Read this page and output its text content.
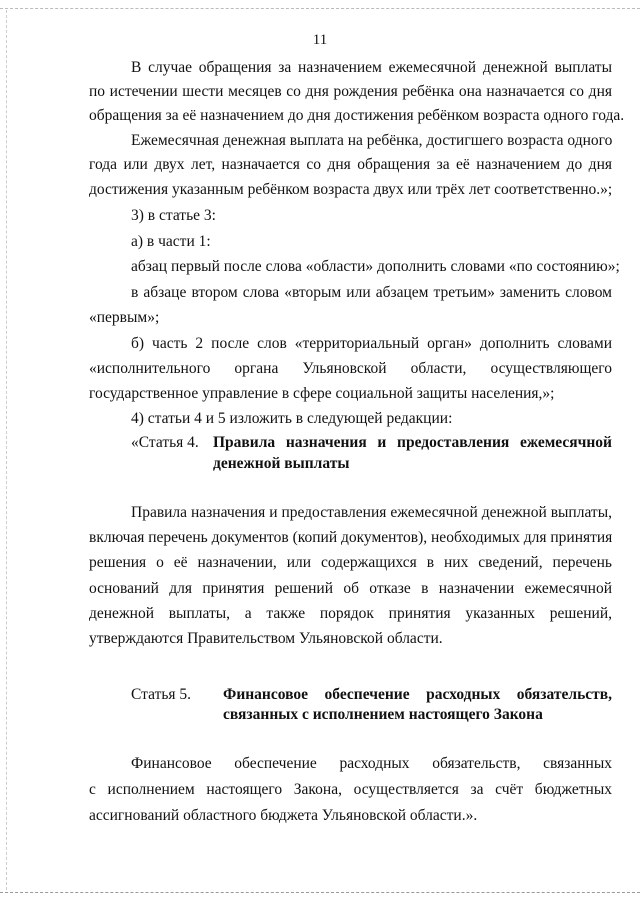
11
В случае обращения за назначением ежемесячной денежной выплаты
по истечении шести месяцев со дня рождения ребёнка она назначается со дня
обращения за её назначением до дня достижения ребёнком возраста одного года.
Ежемесячная денежная выплата на ребёнка, достигшего возраста одного
года или двух лет, назначается со дня обращения за её назначением до дня
достижения указанным ребёнком возраста двух или трёх лет соответственно.»;
3) в статье 3:
а) в части 1:
абзац первый после слова «области» дополнить словами «по состоянию»;
в абзаце втором слова «вторым или абзацем третьим» заменить словом
«первым»;
б) часть 2 после слов «территориальный орган» дополнить словами
«исполнительного органа Ульяновской области, осуществляющего
государственное управление в сфере социальной защиты населения,»;
4) статьи 4 и 5 изложить в следующей редакции:
«Статья 4. Правила назначения и предоставления ежемесячной
денежной выплаты
Правила назначения и предоставления ежемесячной денежной выплаты,
включая перечень документов (копий документов), необходимых для принятия
решения о её назначении, или содержащихся в них сведений, перечень
оснований для принятия решений об отказе в назначении ежемесячной
денежной выплаты, а также порядок принятия указанных решений,
утверждаются Правительством Ульяновской области.
Статья 5. Финансовое обеспечение расходных обязательств,
связанных с исполнением настоящего Закона
Финансовое обеспечение расходных обязательств, связанных
с исполнением настоящего Закона, осуществляется за счёт бюджетных
ассигнований областного бюджета Ульяновской области.».
